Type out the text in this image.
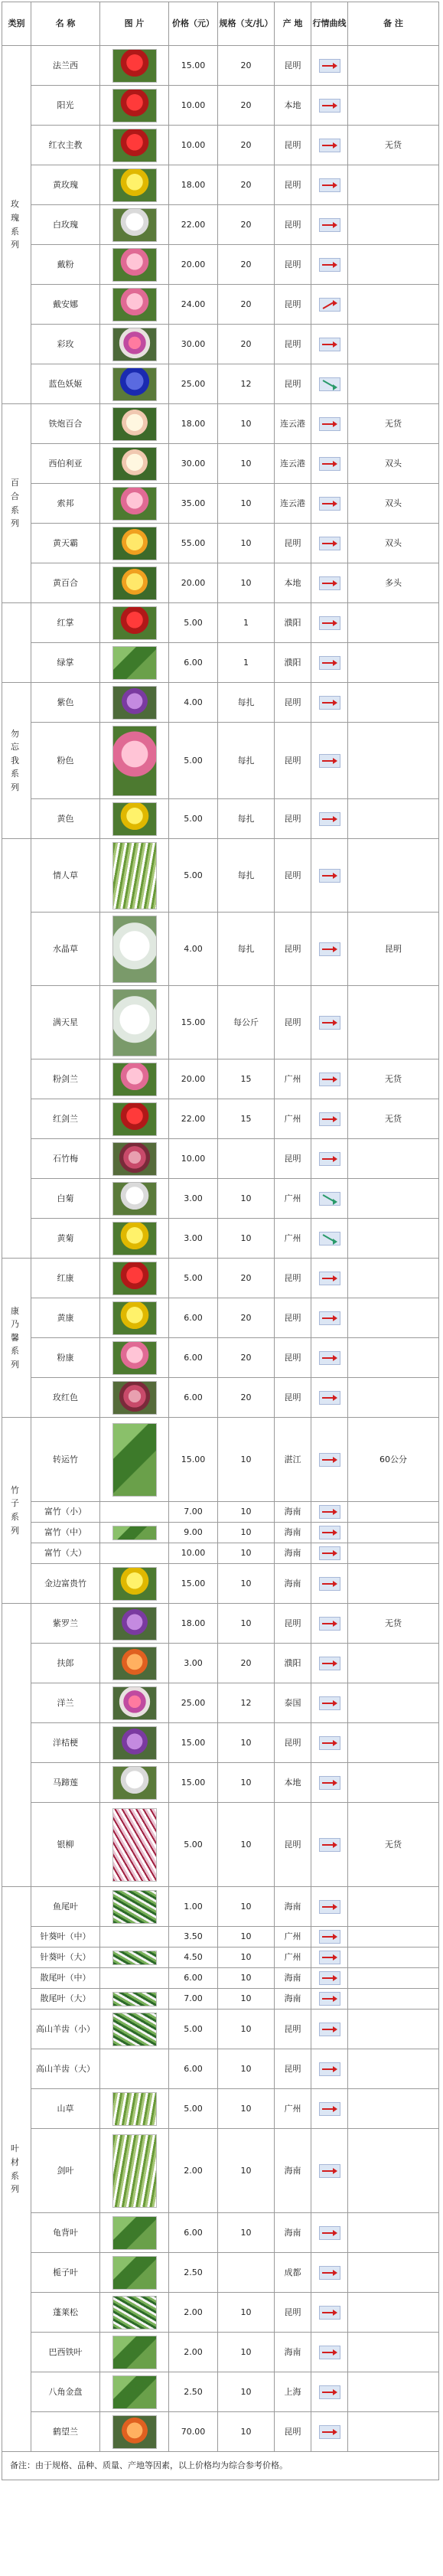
类别	名 称	图 片	价格（元）	规格（支/扎）	产 地	行情曲线	备 注

玫
瑰
系
列	法兰西		15.00	20	昆明		
	阳光		10.00	20	本地		
	红衣主教		10.00	20	昆明		无货
	黄玫瑰		18.00	20	昆明		
	白玫瑰		22.00	20	昆明		
	戴粉		20.00	20	昆明		
	戴安娜		24.00	20	昆明		
	彩玫		30.00	20	昆明		
	蓝色妖姬		25.00	12	昆明		

百
合
系
列	铁炮百合		18.00	10	连云港		无货
	西伯利亚		30.00	10	连云港		双头
	索邦		35.00	10	连云港		双头
	黄天霸		55.00	10	昆明		双头
	黄百合		20.00	10	本地		多头

	红掌		5.00	1	濮阳		
	绿掌		6.00	1	濮阳		

勿
忘
我
系
列	紫色		4.00	每扎	昆明		
	粉色		5.00	每扎	昆明		
	黄色		5.00	每扎	昆明		

	情人草		5.00	每扎	昆明		
	水晶草		4.00	每扎	昆明		昆明
	满天星		15.00	每公斤	昆明		
	粉剑兰		20.00	15	广州		无货
	红剑兰		22.00	15	广州		无货
	石竹梅		10.00		昆明		
	白菊		3.00	10	广州		
	黄菊		3.00	10	广州		

康
乃
馨
系
列	红康		5.00	20	昆明		
	黄康		6.00	20	昆明		
	粉康		6.00	20	昆明		
	玫红色		6.00	20	昆明		

竹
子
系
列	转运竹		15.00	10	湛江		60公分
	富竹（小）		7.00	10	海南		
	富竹（中）		9.00	10	海南		
	富竹（大）		10.00	10	海南		
	金边富贵竹		15.00	10	海南		

	紫罗兰		18.00	10	昆明		无货
	扶郎		3.00	20	濮阳		
	洋兰		25.00	12	泰国		
	洋桔梗		15.00	10	昆明		
	马蹄莲		15.00	10	本地		
	银柳		5.00	10	昆明		无货

叶
材
系
列	鱼尾叶		1.00	10	海南		
	针葵叶（中）		3.50	10	广州		
	针葵叶（大）		4.50	10	广州		
	散尾叶（中）		6.00	10	海南		
	散尾叶（大）		7.00	10	海南		
	高山羊齿（小）		5.00	10	昆明		
	高山羊齿（大）		6.00	10	昆明		
	山草		5.00	10	广州		
	剑叶		2.00	10	海南		
	龟背叶		6.00	10	海南		
	栀子叶		2.50		成都		
	蓬莱松		2.00	10	昆明		
	巴西铁叶		2.00	10	海南		
	八角金盘		2.50	10	上海		
	鹤望兰		70.00	10	昆明		
备注：由于规格、品种、质量、产地等因素，以上价格均为综合参考价格。							
